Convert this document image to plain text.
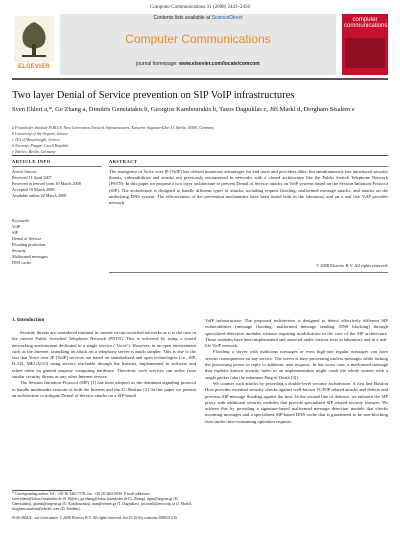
Computer Communications 31 (2008) 2443–2456
ELSEVIER
Contents lists available at ScienceDirect
Computer Communications
journal homepage: www.elsevier.com/locate/comcom
computer
communications
Two layer Denial of Service prevention on SIP VoIP infrastructures
Sven Ehlert a,*, Ge Zhang a, Dimitris Geneiatakis b, Georgios Kambourakis b, Tasos Dagiuklas c, Jiří Markl d, Dorgham Sisalem e
a Fraunhofer Institute FOKUS, Next Generation Network Infrastructures, Kaiserin-Augusta-Allee 31, Berlin 10589, Germany
b University of the Aegean, Greece
c TEI of Messolonghi, Greece
d Neovoip, Prague, Czech Republic
e Tekelec, Berlin, Germany
ARTICLE INFO	ABSTRACT
Article history:
Received 11 April 2007
Received in revised form 10 March 2008
Accepted 10 March 2008
Available online 20 March 2008
Keywords:
VoIP
SIP
Denial of Service
Flooding protection
Security
Malformed messages
DNS cache
The emergence of Voice over IP (VoIP) has offered numerous advantages for end users and providers alike, but simultaneously has introduced security threats, vulnerabilities and attacks not previously encountered in networks with a closed architecture like the Public Switch Telephone Network (PSTN). In this paper we propose a two layer architecture to prevent Denial of Service attacks on VoIP systems based on the Session Initiation Protocol (SIP). The architecture is designed to handle different types of attacks, including request flooding, malformed message attacks, and attacks on the underlying DNS system. The effectiveness of the prevention mechanisms have been tested both in the laboratory and on a real live VoIP provider network.
© 2008 Elsevier B.V. All rights reserved.
1. Introduction

Security threats are considered minimal in current circuit-switched networks as it is the case in the current Public Switched Telephone Network (PSTN). This is achieved by using a closed networking environment dedicated to a single service (‘Voice’). However, in an open environment such as the Internet, launching an attack on a telephony server is much simpler. This is due to the fact that Voice over IP (VoIP) services are based on standardized and open technologies (i.e., SIP, H.323, MEGACO) using servers reachable through the Internet, implemented in software and relied often on general purpose computing hardware. Therefore, such services can suffer from similar security threats as any other Internet service.

The Session Initiation Protocol (SIP) [1] has been adopted as the dominant signaling protocol to handle multimedia sessions at both the Internet and the 3G Realms [2]. In this paper we present an architecture to mitigate Denial of Service attacks on a SIP-based

VoIP infrastructure. The proposed architecture is designed to detect effectively different SIP vulnerabilities (message flooding, malformed message sending, DNS blocking) through specialized detection modules without requiring modification in the core of the SIP architecture. Those modules have been implemented and assessed under various tests in laboratory and in a real-life VoIP network.

Flooding a server with malicious messages or even high-rate regular messages can have serious consequences on any service. The server is busy processing useless messages while lacking the processing power to reply to authentic user requests. In the worst case, a malformed message that exploits known security holes in an implementation might crash the whole system with a single packet (aka the infamous Ping of Death [3]).

We counter such attacks by providing a double-level security architecture. A first line Bastion Host provides essential security checks against well-known TCP/IP related attacks and detects and prevents SIP message flooding against the host. In the second line of defence, we enhance the SIP proxy with additional security modules that provide specialized SIP related security features. We achieve this by providing a signature-based malformed message detection module that checks incoming messages and a specialized SIP-based DNS cache that is guaranteed to be non-blocking even under time-consuming operation requests.

* Corresponding author. Tel.: +49 30 3463 7378; fax: +49 30 3463 8000. E-mail addresses: sven.ehlert@fokus.fraunhofer.de (S. Ehlert), ge.zhang@fokus.fraunhofer.de (G. Zhang), dgen@aegean.gr (D. Geneiatakis), gkamb@aegean.gr (G. Kambourakis), ntan@teimes.gr (T. Dagiuklas), jiri.markl@neovoip.cz (J. Markl), dorgham.sisalem@tekelec.com (D. Sisalem).
0140-3664/$ - see front matter © 2008 Elsevier B.V. All rights reserved. doi:10.1016/j.comcom.2008.03.016
